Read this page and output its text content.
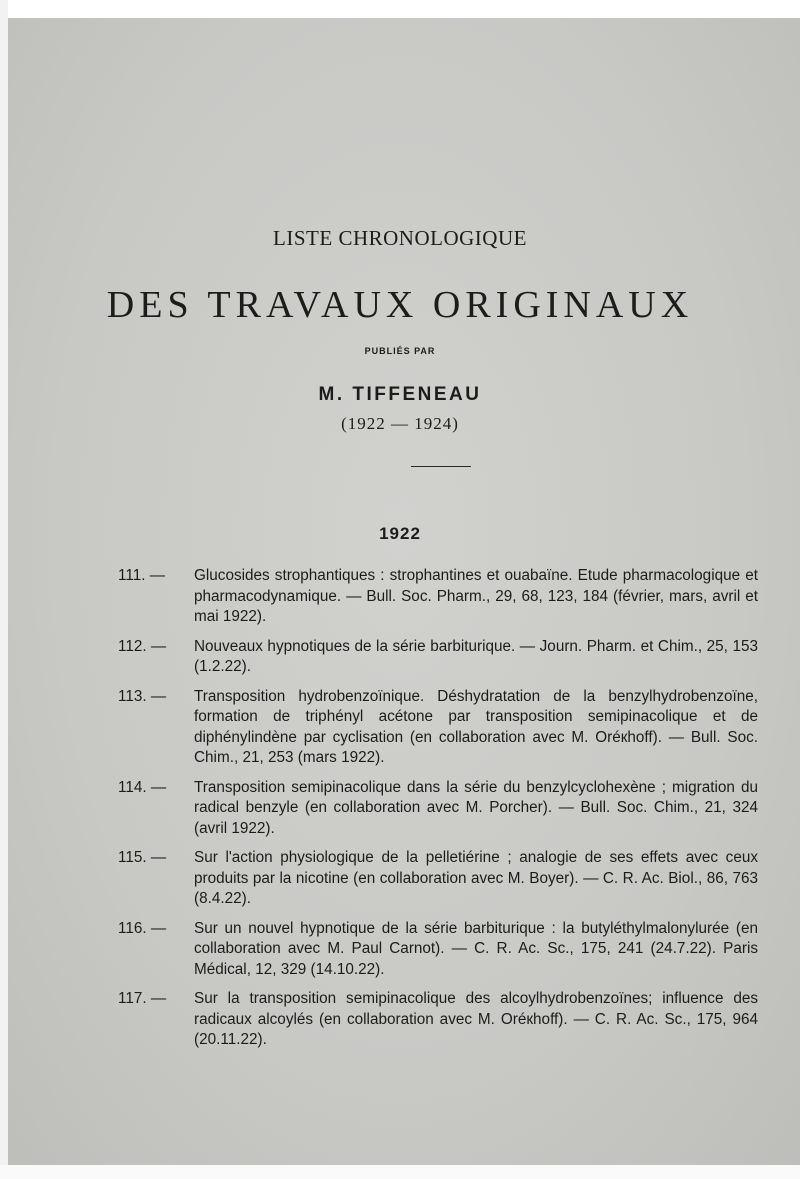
LISTE CHRONOLOGIQUE
DES TRAVAUX ORIGINAUX
PUBLIÉS PAR
M. TIFFENEAU
(1922 — 1924)
1922
111. — Glucosides strophantiques : strophantines et ouabaïne. Etude pharmacologique et pharmacodynamique. — Bull. Soc. Pharm., 29, 68, 123, 184 (février, mars, avril et mai 1922).
112. — Nouveaux hypnotiques de la série barbiturique. — Journ. Pharm. et Chim., 25, 153 (1.2.22).
113. — Transposition hydrobenzoïnique. Déshydratation de la benzylhydrobenzoïne, formation de triphényl acétone par transposition semipinacolique et de diphénylindène par cyclisation (en collaboration avec M. Oréкhoff). — Bull. Soc. Chim., 21, 253 (mars 1922).
114. — Transposition semipinacolique dans la série du benzylcyclohexène ; migration du radical benzyle (en collaboration avec M. Porcher). — Bull. Soc. Chim., 21, 324 (avril 1922).
115. — Sur l'action physiologique de la pelletiérine ; analogie de ses effets avec ceux produits par la nicotine (en collaboration avec M. Boyer). — C. R. Ac. Biol., 86, 763 (8.4.22).
116. — Sur un nouvel hypnotique de la série barbiturique : la butyléthylmalonylurée (en collaboration avec M. Paul Carnot). — C. R. Ac. Sc., 175, 241 (24.7.22). Paris Médical, 12, 329 (14.10.22).
117. — Sur la transposition semipinacolique des alcoylhydrobenzoïnes; influence des radicaux alcoylés (en collaboration avec M. Oréкhoff). — C. R. Ac. Sc., 175, 964 (20.11.22).
